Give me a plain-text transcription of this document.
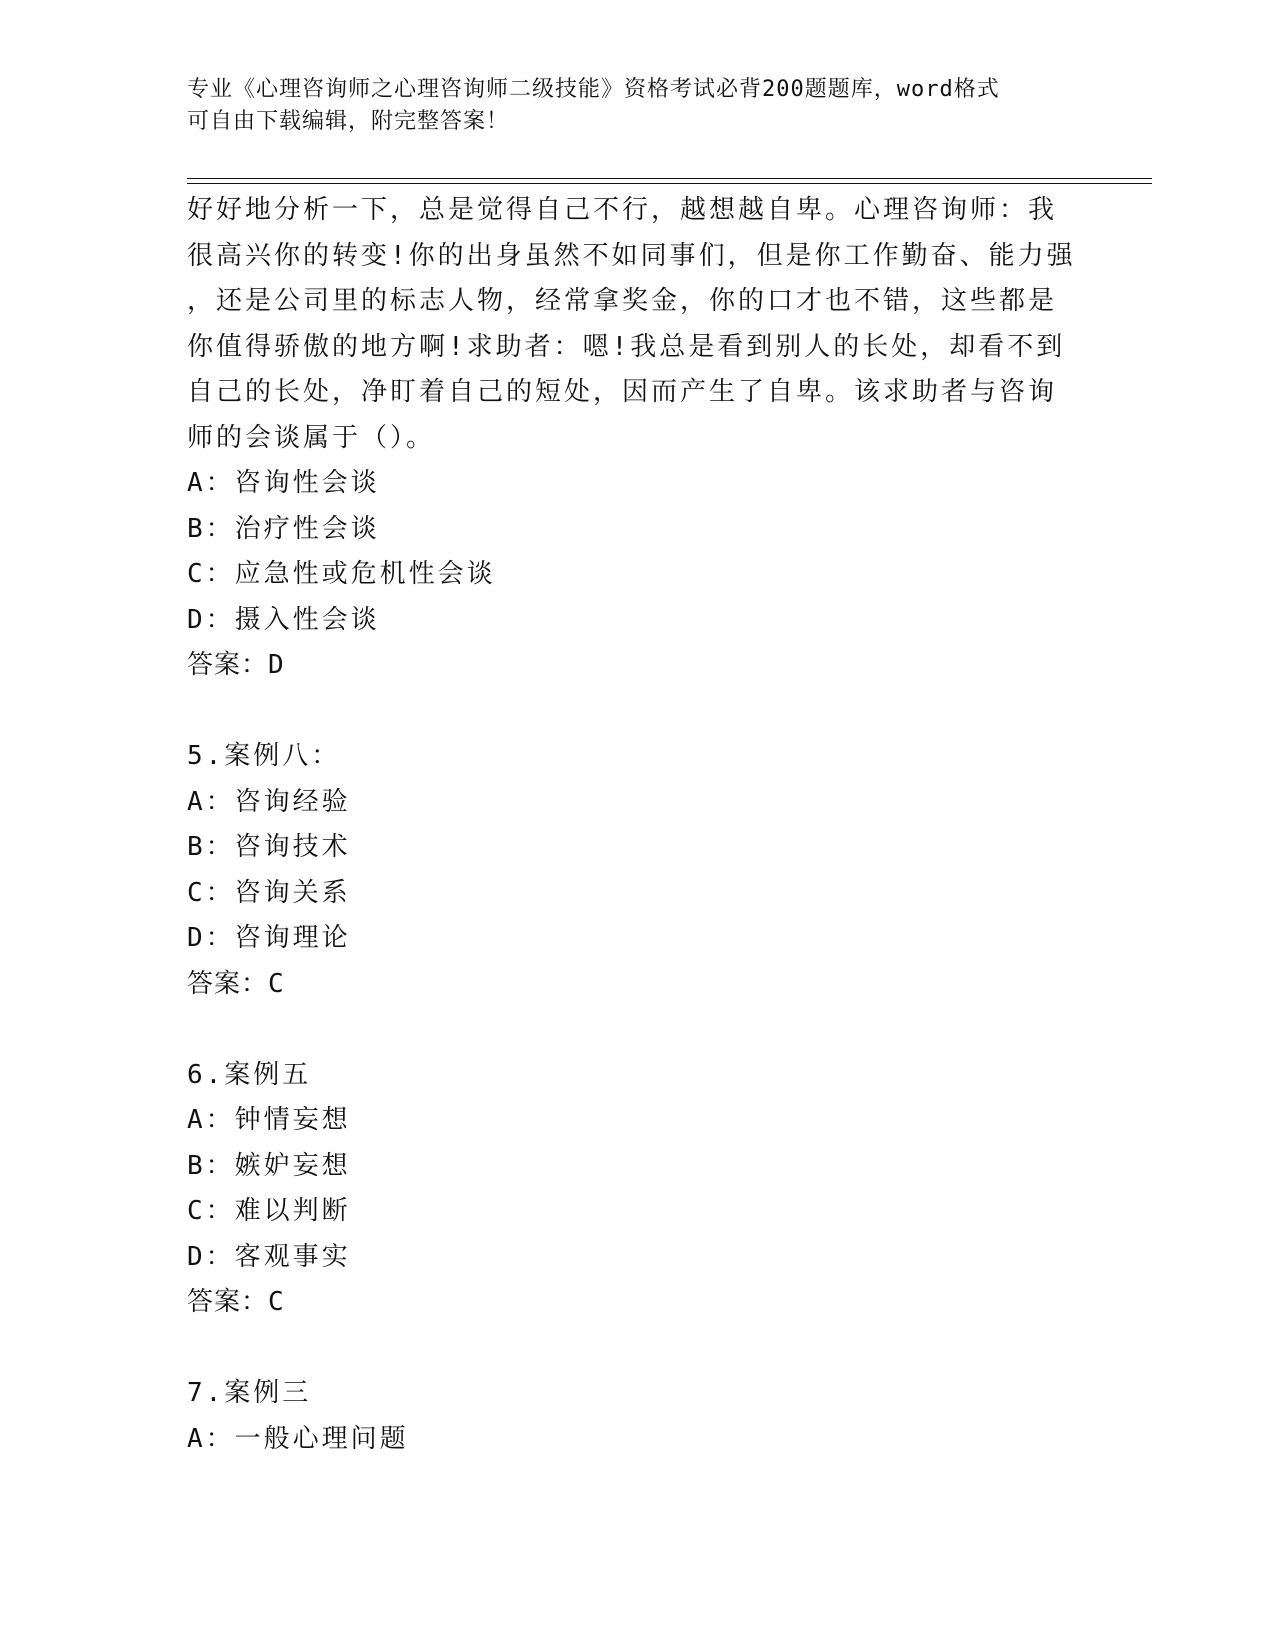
专业《心理咨询师之心理咨询师二级技能》资格考试必背200题题库，word格式
可自由下载编辑，附完整答案！
好好地分析一下，总是觉得自己不行，越想越自卑。心理咨询师：我
很高兴你的转变!你的出身虽然不如同事们，但是你工作勤奋、能力强
，还是公司里的标志人物，经常拿奖金，你的口才也不错，这些都是
你值得骄傲的地方啊!求助者：嗯!我总是看到别人的长处，却看不到
自己的长处，净盯着自己的短处，因而产生了自卑。该求助者与咨询
师的会谈属于（）。
A：咨询性会谈
B：治疗性会谈
C：应急性或危机性会谈
D：摄入性会谈
答案：D
5.案例八：
A：咨询经验
B：咨询技术
C：咨询关系
D：咨询理论
答案：C
6.案例五
A：钟情妄想
B：嫉妒妄想
C：难以判断
D：客观事实
答案：C
7.案例三
A：一般心理问题
